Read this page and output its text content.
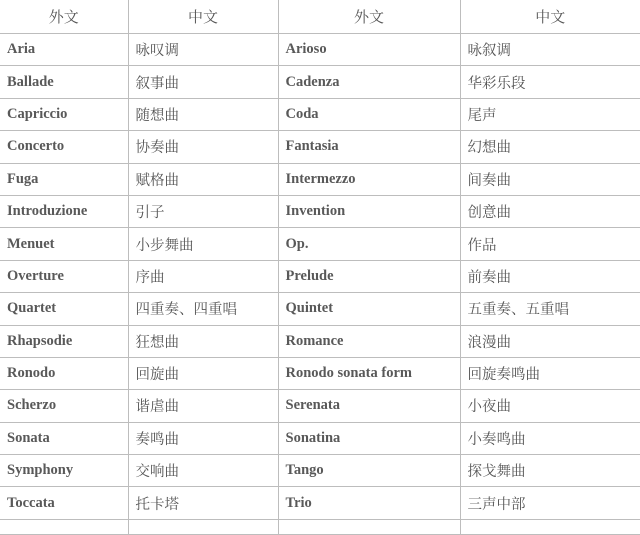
外文	中文	外文	中文
Aria	咏叹调	Arioso	咏叙调
Ballade	叙事曲	Cadenza	华彩乐段
Capriccio	随想曲	Coda	尾声
Concerto	协奏曲	Fantasia	幻想曲
Fuga	赋格曲	Intermezzo	间奏曲
Introduzione	引子	Invention	创意曲
Menuet	小步舞曲	Op.	作品
Overture	序曲	Prelude	前奏曲
Quartet	四重奏、四重唱	Quintet	五重奏、五重唱
Rhapsodie	狂想曲	Romance	浪漫曲
Ronodo	回旋曲	Ronodo sonata form	回旋奏鸣曲
Scherzo	谐虐曲	Serenata	小夜曲
Sonata	奏鸣曲	Sonatina	小奏鸣曲
Symphony	交响曲	Tango	探戈舞曲
Toccata	托卡塔	Trio	三声中部
